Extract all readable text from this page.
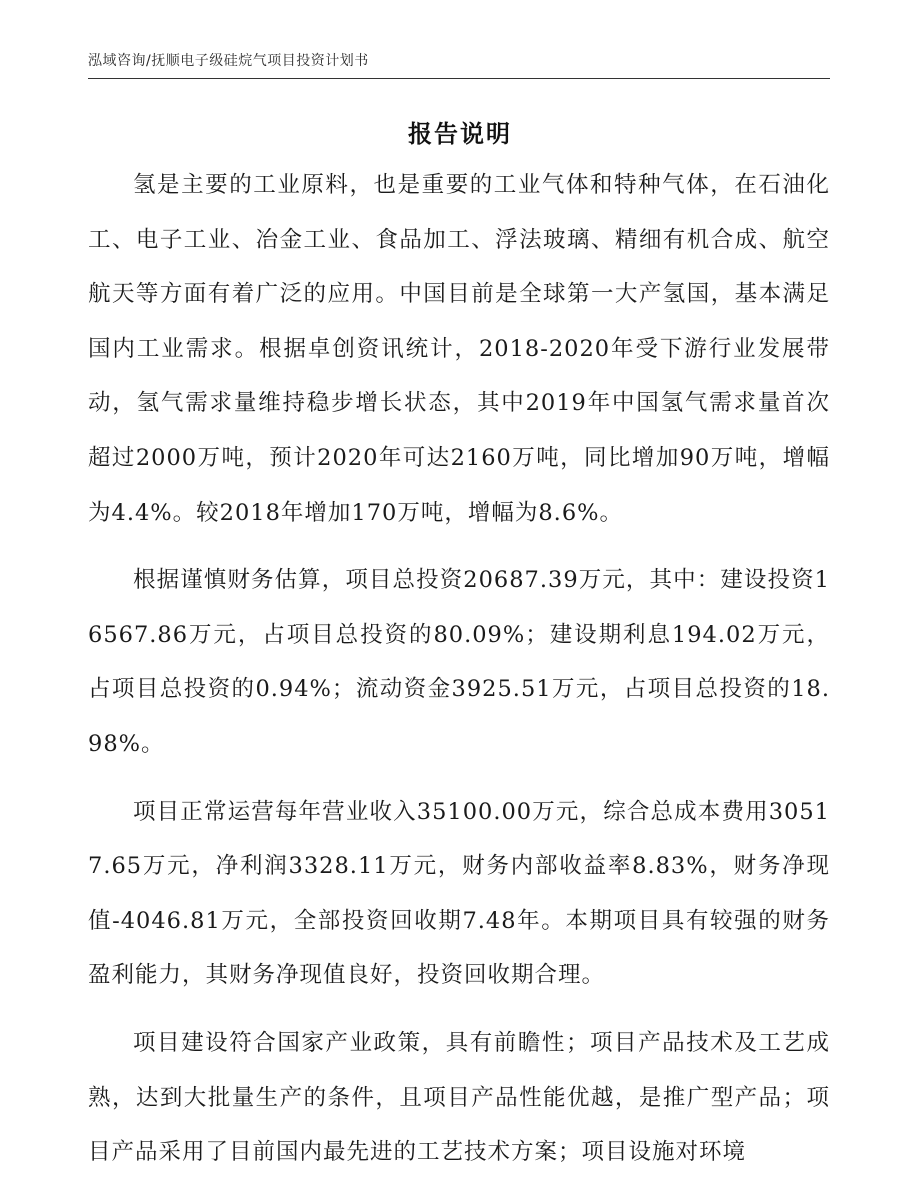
泓域咨询/抚顺电子级硅烷气项目投资计划书
报告说明

氢是主要的工业原料，也是重要的工业气体和特种气体，在石油化工、电子工业、冶金工业、食品加工、浮法玻璃、精细有机合成、航空航天等方面有着广泛的应用。中国目前是全球第一大产氢国，基本满足国内工业需求。根据卓创资讯统计，2018-2020年受下游行业发展带动，氢气需求量维持稳步增长状态，其中2019年中国氢气需求量首次超过2000万吨，预计2020年可达2160万吨，同比增加90万吨，增幅为4.4%。较2018年增加170万吨，增幅为8.6%。

根据谨慎财务估算，项目总投资20687.39万元，其中：建设投资16567.86万元，占项目总投资的80.09%；建设期利息194.02万元，占项目总投资的0.94%；流动资金3925.51万元，占项目总投资的18.98%。

项目正常运营每年营业收入35100.00万元，综合总成本费用30517.65万元，净利润3328.11万元，财务内部收益率8.83%，财务净现值-4046.81万元，全部投资回收期7.48年。本期项目具有较强的财务盈利能力，其财务净现值良好，投资回收期合理。

项目建设符合国家产业政策，具有前瞻性；项目产品技术及工艺成熟，达到大批量生产的条件，且项目产品性能优越，是推广型产品；项目产品采用了目前国内最先进的工艺技术方案；项目设施对环境
